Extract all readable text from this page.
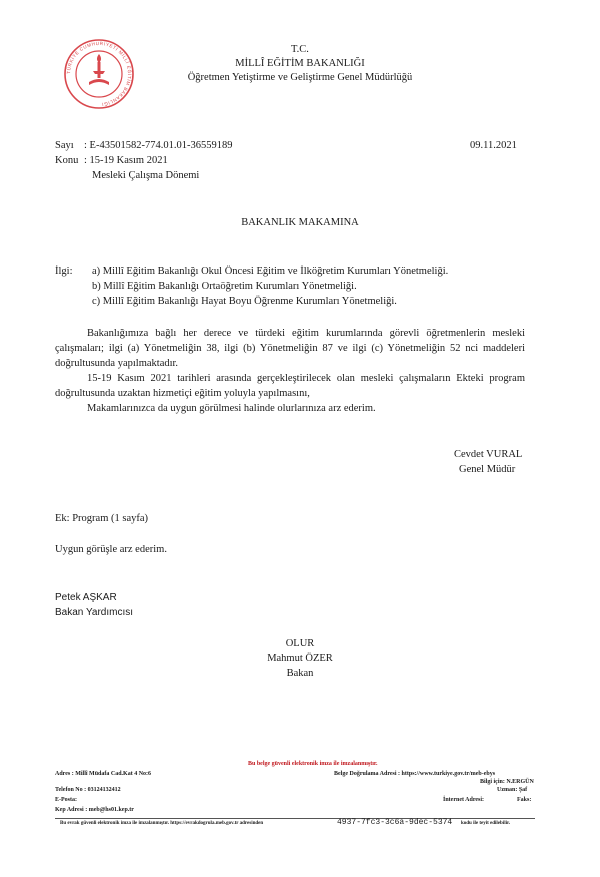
TÜRKİYE CUMHURİYETİ MİLLÎ EĞİTİM BAKANLIĞI
T.C.
MİLLÎ EĞİTİM BAKANLIĞI
Öğretmen Yetiştirme ve Geliştirme Genel Müdürlüğü
Sayı : E-43501582-774.01.01-36559189	09.11.2021
Konu : 15-19 Kasım 2021
Mesleki Çalışma Dönemi
BAKANLIK MAKAMINA
İlgi: a) Millî Eğitim Bakanlığı Okul Öncesi Eğitim ve İlköğretim Kurumları Yönetmeliği.
b) Millî Eğitim Bakanlığı Ortaöğretim Kurumları Yönetmeliği.
c) Millî Eğitim Bakanlığı Hayat Boyu Öğrenme Kurumları Yönetmeliği.
Bakanlığımıza bağlı her derece ve türdeki eğitim kurumlarında görevli öğretmenlerin mesleki çalışmaları; ilgi (a) Yönetmeliğin 38, ilgi (b) Yönetmeliğin 87 ve ilgi (c) Yönetmeliğin 52 nci maddeleri doğrultusunda yapılmaktadır.
15-19 Kasım 2021 tarihleri arasında gerçekleştirilecek olan mesleki çalışmaların Ekteki program doğrultusunda uzaktan hizmetiçi eğitim yoluyla yapılmasını,
Makamlarınızca da uygun görülmesi halinde olurlarınıza arz ederim.
Cevdet VURAL
Genel Müdür
Ek: Program (1 sayfa)
Uygun görüşle arz ederim.
Petek AŞKAR
Bakan Yardımcısı
OLUR
Mahmut ÖZER
Bakan
Bu belge güvenli elektronik imza ile imzalanmıştır.
Adres : Millî Müdafa Cad.Kat 4 No:6	Belge Doğrulama Adresi : https://www.turkiye.gov.tr/meb-ebys
Bilgi için: N.ERGÜN
Telefon No : 03124132412	Uzman: Şaf
E-Posta:	İnternet Adresi:	Faks:
Kep Adresi : meb@hs01.kep.tr
Bu evrak güvenli elektronik imza ile imzalanmıştır. https://evrakdogrula.meb.gov.tr adresinden	4937-7fc3-3c6a-9dec-5374 kodu ile teyit edilebilir.
